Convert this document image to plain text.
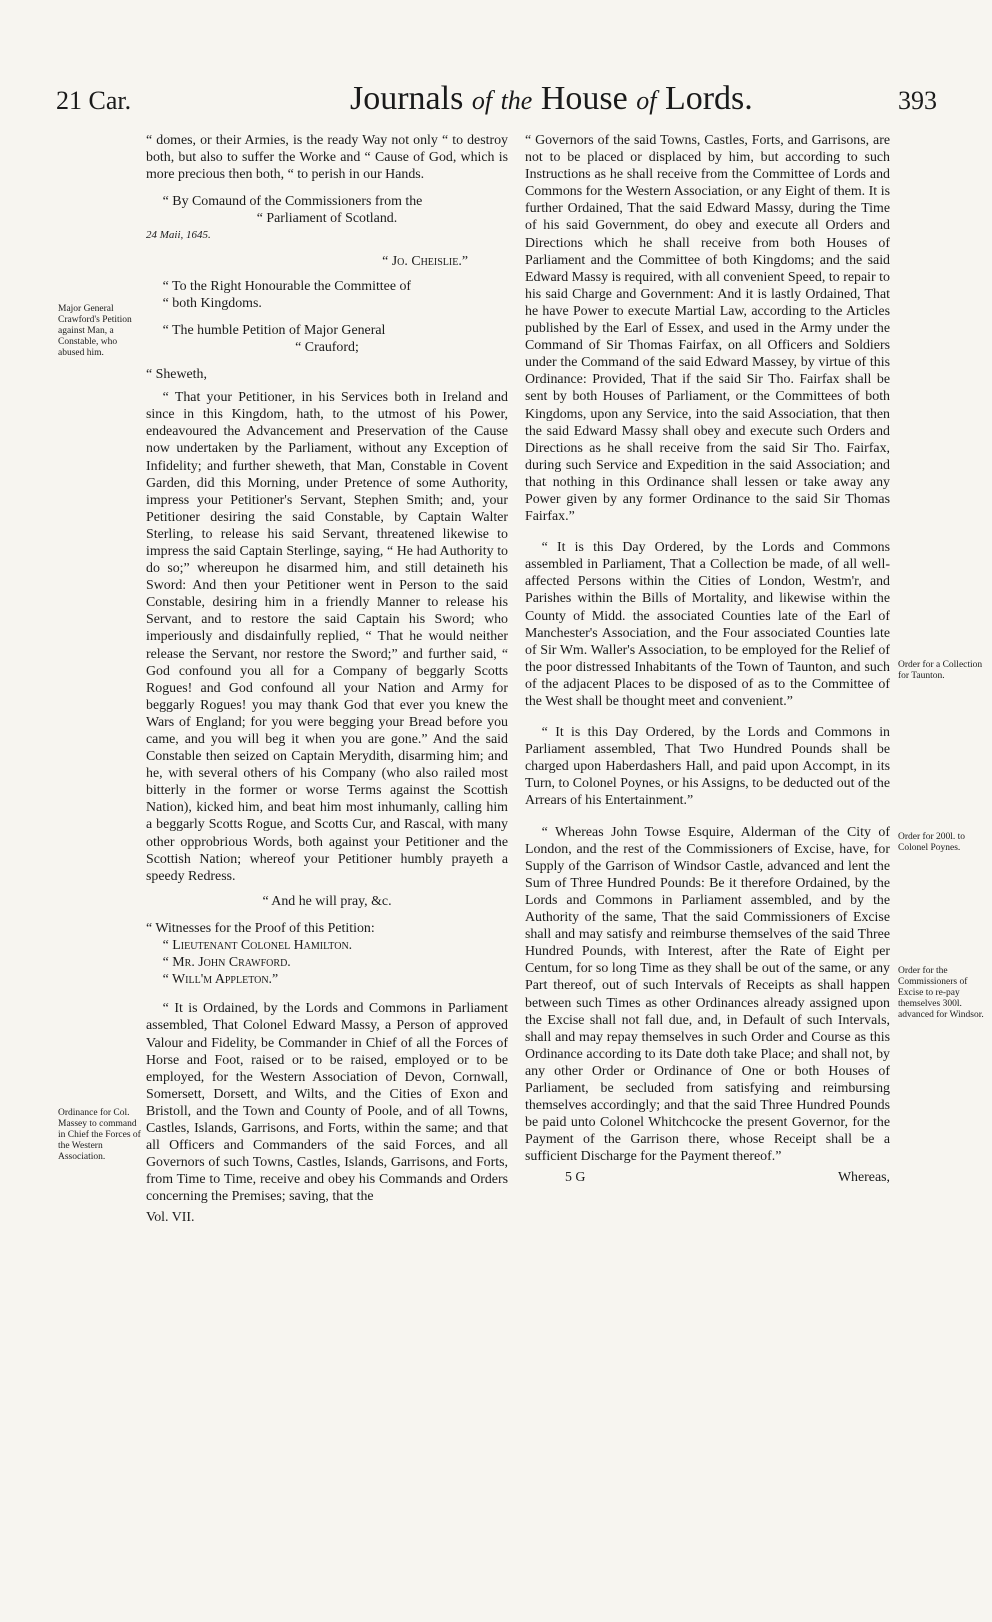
21 Car.	Journals of the House of Lords.	393
Major General Crawford's Petition against Man, a Constable, who abused him.
Ordinance for Col. Massey to command in Chief the Forces of the Western Association.
Order for a Collection for Taunton.
Order for 200l. to Colonel Poynes.
Order for the Commissioners of Excise to re-pay themselves 300l. advanced for Windsor.

“ domes, or their Armies, is the ready Way not only “ to destroy both, but also to suffer the Worke and “ Cause of God, which is more precious then both, “ to perish in our Hands.

“ By Comaund of the Commissioners from the

“ Parliament of Scotland.

24 Maii, 1645.

“ Jo. Cheislie.”

“ To the Right Honourable the Committee of

“ both Kingdoms.

“ The humble Petition of Major General

“ Crauford;

“ Sheweth,

“ That your Petitioner, in his Services both in Ireland and since in this Kingdom, hath, to the utmost of his Power, endeavoured the Advancement and Preservation of the Cause now undertaken by the Parliament, without any Exception of Infidelity; and further sheweth, that Man, Constable in Covent Garden, did this Morning, under Pretence of some Authority, impress your Petitioner's Servant, Stephen Smith; and, your Petitioner desiring the said Constable, by Captain Walter Sterling, to release his said Servant, threatened likewise to impress the said Captain Sterlinge, saying, “ He had Authority to do so;” whereupon he disarmed him, and still detaineth his Sword: And then your Petitioner went in Person to the said Constable, desiring him in a friendly Manner to release his Servant, and to restore the said Captain his Sword; who imperiously and disdainfully replied, “ That he would neither release the Servant, nor restore the Sword;” and further said, “ God confound you all for a Company of beggarly Scotts Rogues! and God confound all your Nation and Army for beggarly Rogues! you may thank God that ever you knew the Wars of England; for you were begging your Bread before you came, and you will beg it when you are gone.” And the said Constable then seized on Captain Merydith, disarming him; and he, with several others of his Company (who also railed most bitterly in the former or worse Terms against the Scottish Nation), kicked him, and beat him most inhumanly, calling him a beggarly Scotts Rogue, and Scotts Cur, and Rascal, with many other opprobrious Words, both against your Petitioner and the Scottish Nation; whereof your Petitioner humbly prayeth a speedy Redress.

“ And he will pray, &c.

“ Witnesses for the Proof of this Petition:

“ Lieutenant Colonel Hamilton.

“ Mr. John Crawford.

“ Will'm Appleton.”

“ It is Ordained, by the Lords and Commons in Parliament assembled, That Colonel Edward Massy, a Person of approved Valour and Fidelity, be Commander in Chief of all the Forces of Horse and Foot, raised or to be raised, employed or to be employed, for the Western Association of Devon, Cornwall, Somersett, Dorsett, and Wilts, and the Cities of Exon and Bristoll, and the Town and County of Poole, and of all Towns, Castles, Islands, Garrisons, and Forts, within the same; and that all Officers and Commanders of the said Forces, and all Governors of such Towns, Castles, Islands, Garrisons, and Forts, from Time to Time, receive and obey his Commands and Orders concerning the Premises; saving, that the

Vol. VII.

“ Governors of the said Towns, Castles, Forts, and Garrisons, are not to be placed or displaced by him, but according to such Instructions as he shall receive from the Committee of Lords and Commons for the Western Association, or any Eight of them. It is further Ordained, That the said Edward Massy, during the Time of his said Government, do obey and execute all Orders and Directions which he shall receive from both Houses of Parliament and the Committee of both Kingdoms; and the said Edward Massy is required, with all convenient Speed, to repair to his said Charge and Government: And it is lastly Ordained, That he have Power to execute Martial Law, according to the Articles published by the Earl of Essex, and used in the Army under the Command of Sir Thomas Fairfax, on all Officers and Soldiers under the Command of the said Edward Massey, by virtue of this Ordinance: Provided, That if the said Sir Tho. Fairfax shall be sent by both Houses of Parliament, or the Committees of both Kingdoms, upon any Service, into the said Association, that then the said Edward Massy shall obey and execute such Orders and Directions as he shall receive from the said Sir Tho. Fairfax, during such Service and Expedition in the said Association; and that nothing in this Ordinance shall lessen or take away any Power given by any former Ordinance to the said Sir Thomas Fairfax.”

“ It is this Day Ordered, by the Lords and Commons assembled in Parliament, That a Collection be made, of all well-affected Persons within the Cities of London, Westm'r, and Parishes within the Bills of Mortality, and likewise within the County of Midd. the associated Counties late of the Earl of Manchester's Association, and the Four associated Counties late of Sir Wm. Waller's Association, to be employed for the Relief of the poor distressed Inhabitants of the Town of Taunton, and such of the adjacent Places to be disposed of as to the Committee of the West shall be thought meet and convenient.”

“ It is this Day Ordered, by the Lords and Commons in Parliament assembled, That Two Hundred Pounds shall be charged upon Haberdashers Hall, and paid upon Accompt, in its Turn, to Colonel Poynes, or his Assigns, to be deducted out of the Arrears of his Entertainment.”

“ Whereas John Towse Esquire, Alderman of the City of London, and the rest of the Commissioners of Excise, have, for Supply of the Garrison of Windsor Castle, advanced and lent the Sum of Three Hundred Pounds: Be it therefore Ordained, by the Lords and Commons in Parliament assembled, and by the Authority of the same, That the said Commissioners of Excise shall and may satisfy and reimburse themselves of the said Three Hundred Pounds, with Interest, after the Rate of Eight per Centum, for so long Time as they shall be out of the same, or any Part thereof, out of such Intervals of Receipts as shall happen between such Times as other Ordinances already assigned upon the Excise shall not fall due, and, in Default of such Intervals, shall and may repay themselves in such Order and Course as this Ordinance according to its Date doth take Place; and shall not, by any other Order or Ordinance of One or both Houses of Parliament, be secluded from satisfying and reimbursing themselves accordingly; and that the said Three Hundred Pounds be paid unto Colonel Whitchcocke the present Governor, for the Payment of the Garrison there, whose Receipt shall be a sufficient Discharge for the Payment thereof.”

5 G	Whereas,
